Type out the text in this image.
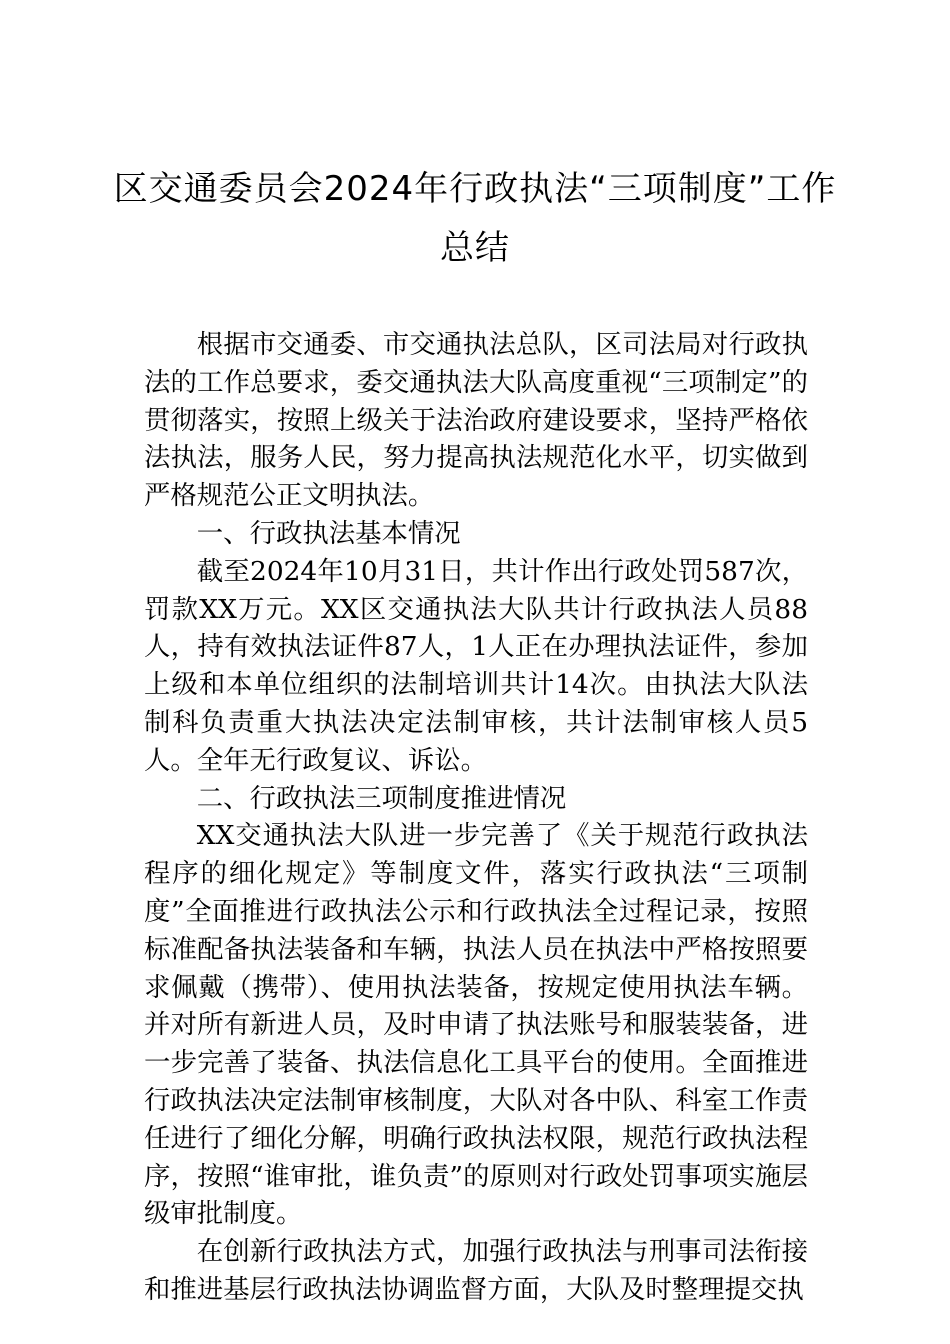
区交通委员会2024年行政执法“三项制度”工作总结

根据市交通委、市交通执法总队，区司法局对行政执法的工作总要求，委交通执法大队高度重视“三项制定”的贯彻落实，按照上级关于法治政府建设要求，坚持严格依法执法，服务人民，努力提高执法规范化水平，切实做到严格规范公正文明执法。

一、行政执法基本情况

截至2024年10月31日，共计作出行政处罚587次，罚款XX万元。XX区交通执法大队共计行政执法人员88人，持有效执法证件87人，1人正在办理执法证件，参加上级和本单位组织的法制培训共计14次。由执法大队法制科负责重大执法决定法制审核，共计法制审核人员5人。全年无行政复议、诉讼。

二、行政执法三项制度推进情况

XX交通执法大队进一步完善了《关于规范行政执法程序的细化规定》等制度文件，落实行政执法“三项制度”全面推进行政执法公示和行政执法全过程记录，按照标准配备执法装备和车辆，执法人员在执法中严格按照要求佩戴（携带）、使用执法装备，按规定使用执法车辆。并对所有新进人员，及时申请了执法账号和服装装备，进一步完善了装备、执法信息化工具平台的使用。全面推进行政执法决定法制审核制度，大队对各中队、科室工作责任进行了细化分解，明确行政执法权限，规范行政执法程序，按照“谁审批，谁负责”的原则对行政处罚事项实施层级审批制度。

在创新行政执法方式，加强行政执法与刑事司法衔接和推进基层行政执法协调监督方面，大队及时整理提交执
